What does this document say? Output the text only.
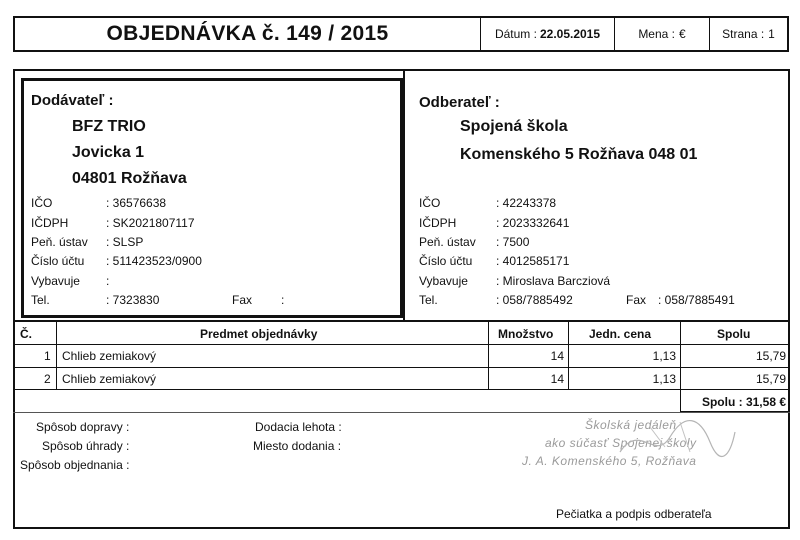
OBJEDNÁVKA č. 149 / 2015	Dátum : 22.05.2015	Mena : €	Strana : 1
Dodávateľ :
BFZ TRIO
Jovicka 1
04801 Rožňava
IČO	: 36576638
IČDPH	: SK2021807117
Peň. ústav : SLSP
Číslo účtu : 511423523/0900
Vybavuje :
Tel.	: 7323830	Fax :
Odberateľ :
Spojená škola
Komenského 5 Rožňava 048 01
IČO	: 42243378
IČDPH	: 2023332641
Peň. ústav : 7500
Číslo účtu : 4012585171
Vybavuje : Miroslava Barcziová
Tel.	: 058/7885492	Fax : 058/7885491
Č.	Predmet objednávky	Množstvo	Jedn. cena	Spolu
1 Chlieb zemiakový	14	1,13	15,79
2 Chlieb zemiakový	14	1,13	15,79
Spolu : 31,58 €
Spôsob dopravy :
Spôsob úhrady :
Spôsob objednania :
Dodacia lehota :
Miesto dodania :
Školská jedáleň
ako súčasť Spojenej školy
J. A. Komenského 5, Rožňava
Pečiatka a podpis odberateľa
